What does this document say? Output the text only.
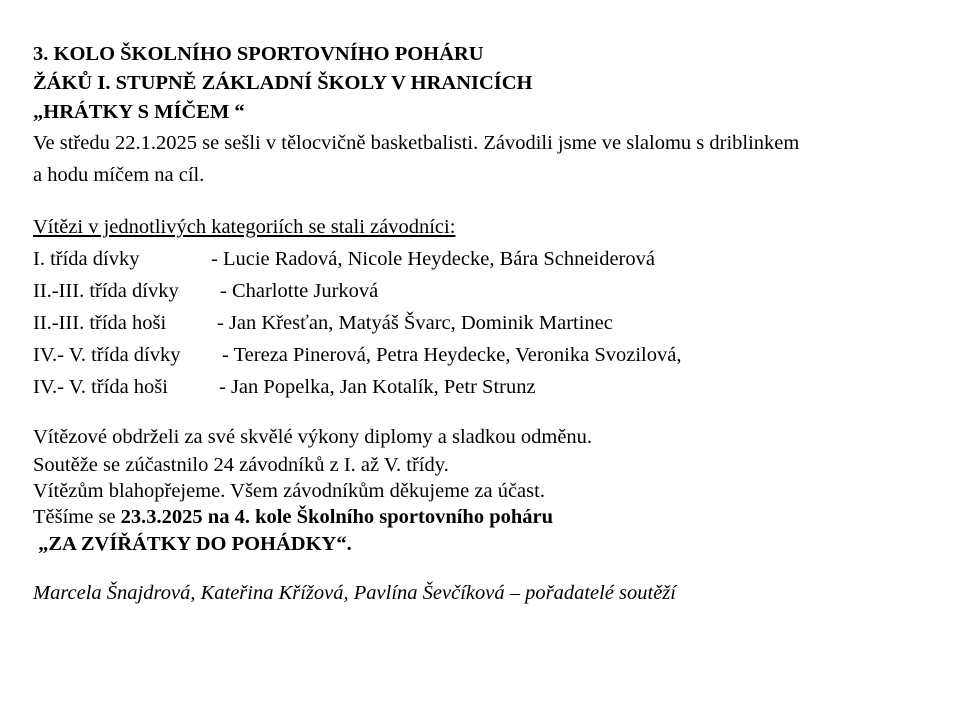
3. KOLO ŠKOLNÍHO SPORTOVNÍHO POHÁRU
ŽÁKŮ I. STUPNĚ ZÁKLADNÍ ŠKOLY V HRANICÍCH
„HRÁTKY S MÍČEM “
Ve středu 22.1.2025 se sešli v tělocvičně basketbalisti. Závodili jsme ve slalomu s driblinkem
a hodu míčem na cíl.
Vítězi v jednotlivých kategoriích se stali závodníci:
I. třída dívky	- Lucie Radová, Nicole Heydecke, Bára Schneiderová
II.-III. třída dívky	- Charlotte Jurková
II.-III. třída hoši	- Jan Křesťan, Matyáš Švarc, Dominik Martinec
IV.- V. třída dívky	- Tereza Pinerová, Petra Heydecke, Veronika Svozilová,
IV.- V. třída hoši	- Jan Popelka, Jan Kotalík, Petr Strunz
Vítězové obdrželi za své skvělé výkony diplomy a sladkou odměnu.
Soutěže se zúčastnilo 24 závodníků z I. až V. třídy.
Vítězům blahopřejeme. Všem závodníkům děkujeme za účast.
Těšíme se 23.3.2025 na 4. kole Školního sportovního poháru
„ZA ZVÍŘÁTKY DO POHÁDKY“.
Marcela Šnajdrová, Kateřina Křížová, Pavlína Ševčíková – pořadatelé soutěží
